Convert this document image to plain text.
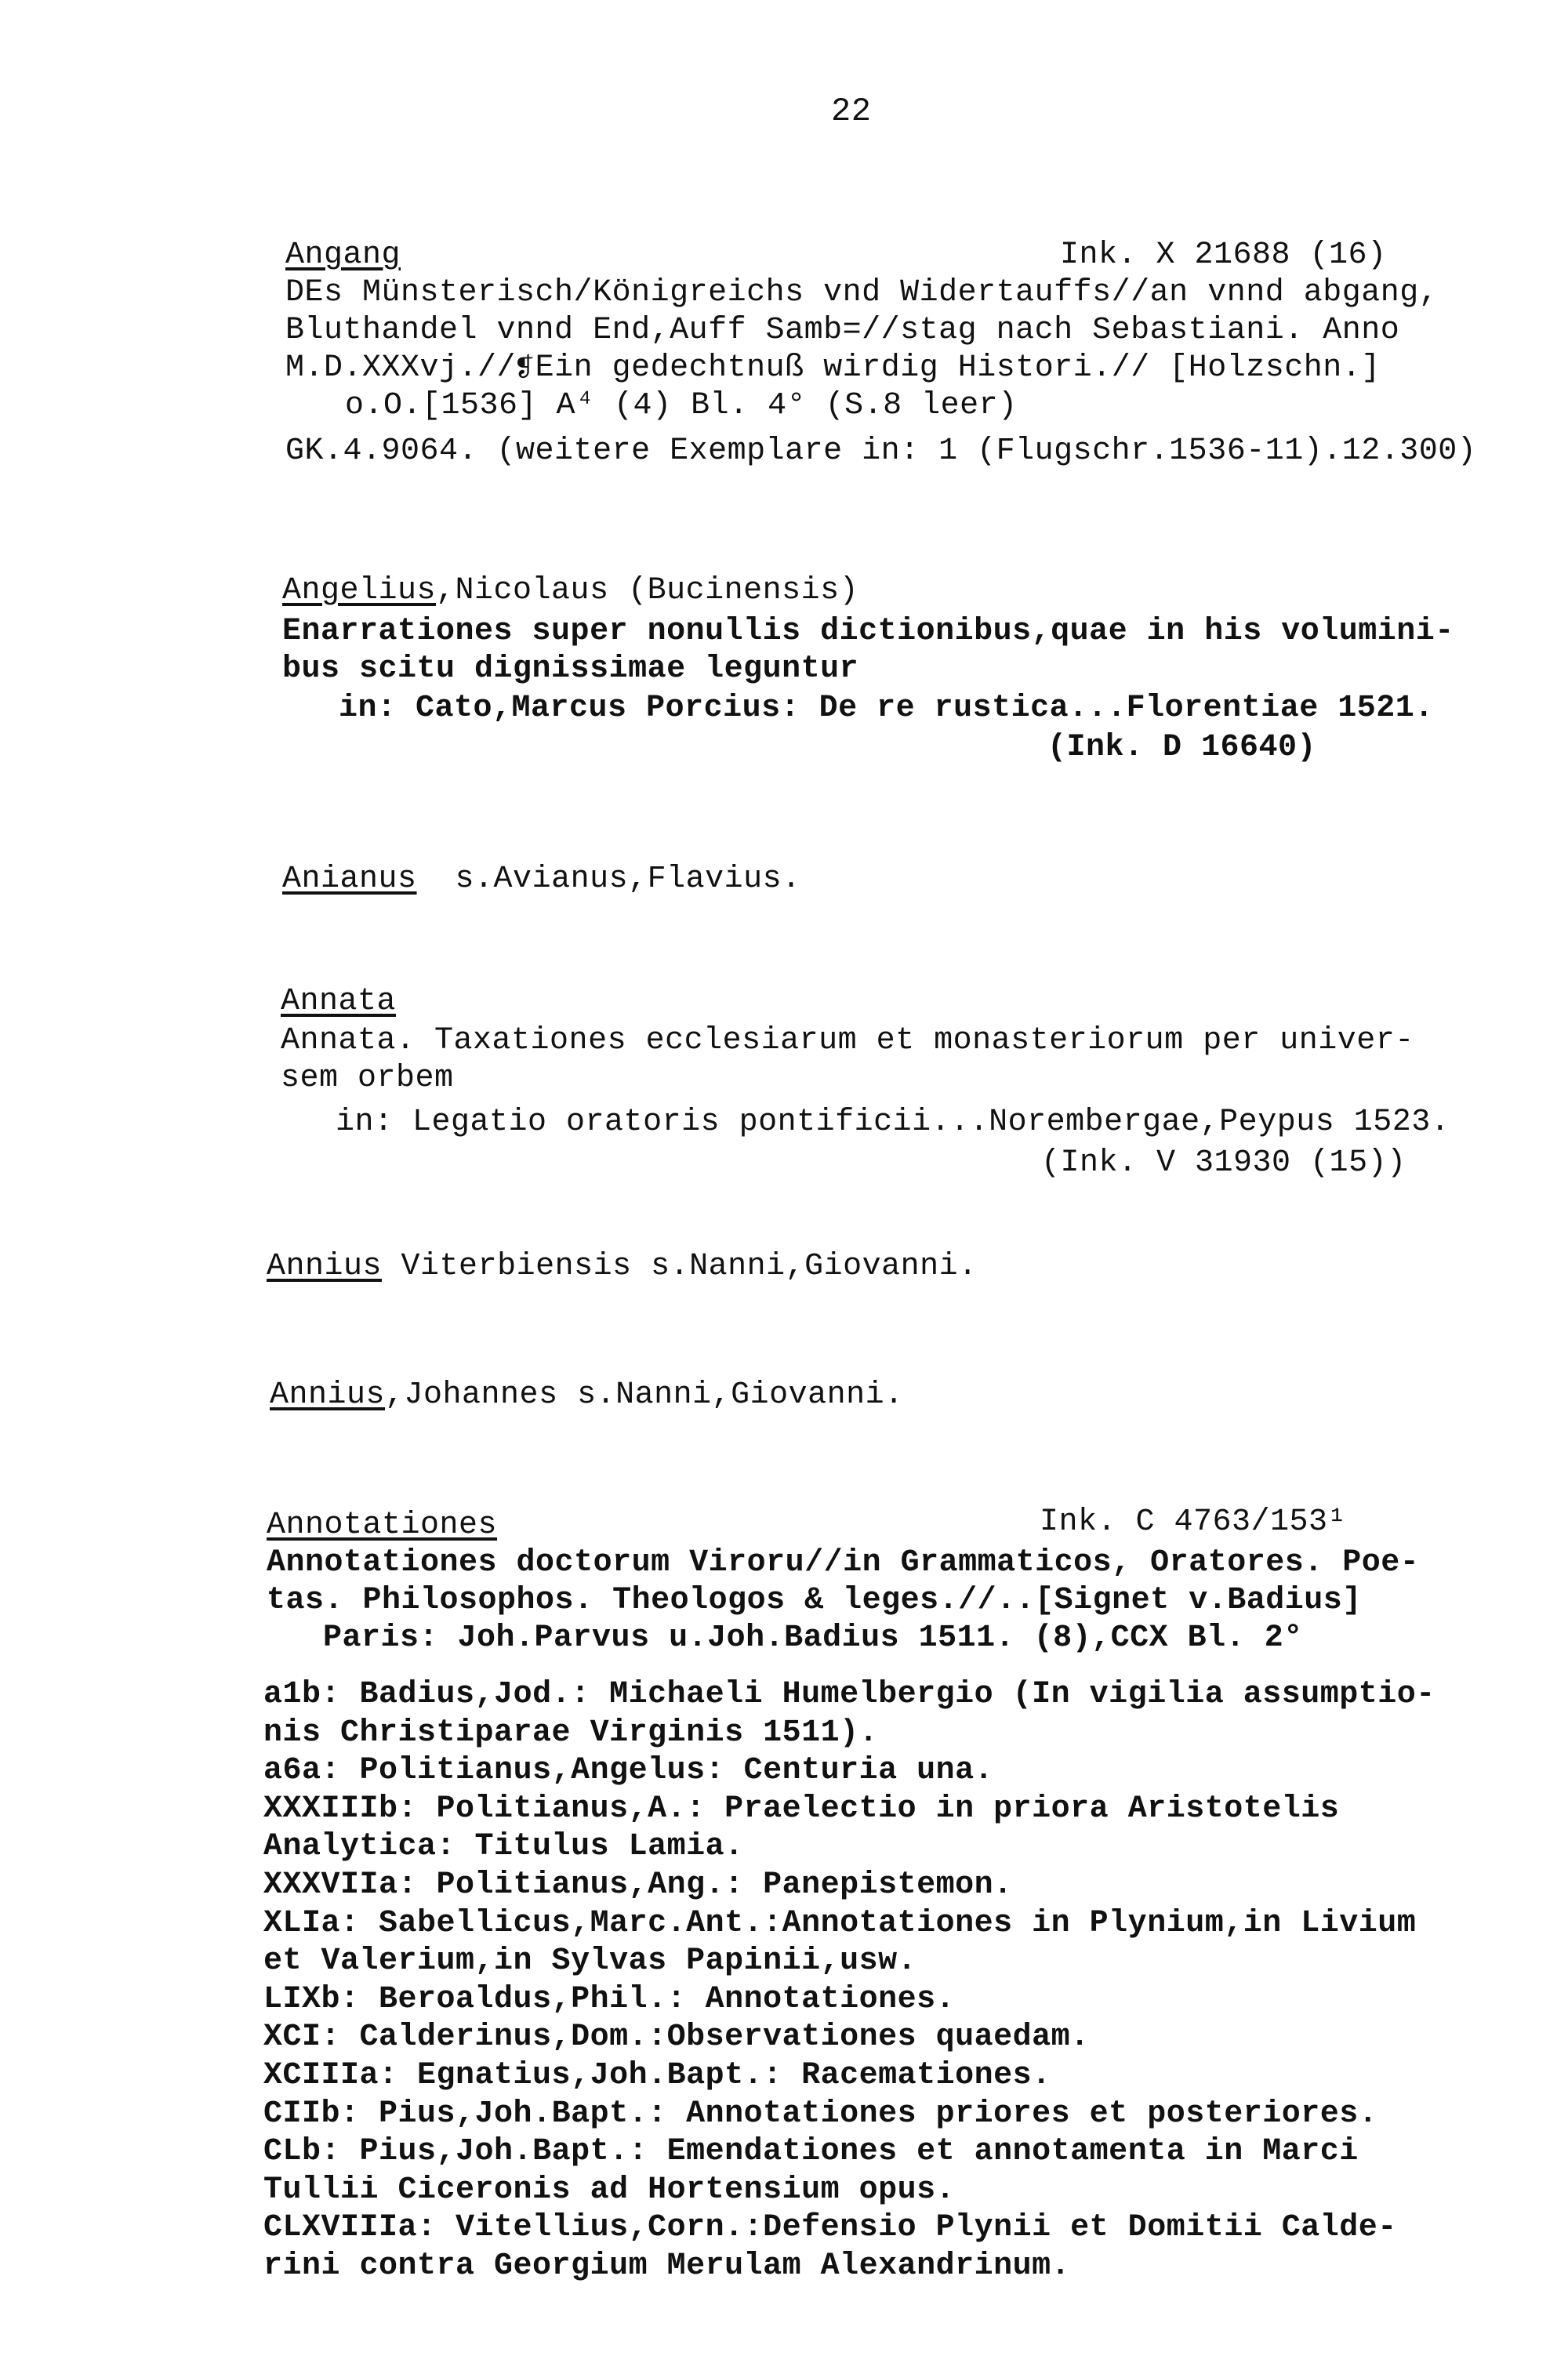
22
Angang	Ink. X 21688 (16)
DEs Münsterisch/Königreichs vnd Widertauffs//an vnnd abgang,
Bluthandel vnnd End,Auff Samb=//stag nach Sebastiani. Anno
M.D.XXXvj.//❡Ein gedechtnuß wirdig Histori.// [Holzschn.]
o.O.[1536] A⁴ (4) Bl. 4° (S.8 leer)
GK.4.9064. (weitere Exemplare in: 1 (Flugschr.1536-11).12.300)
Angelius,Nicolaus (Bucinensis)
Enarrationes super nonullis dictionibus,quae in his volumini-
bus scitu dignissimae leguntur
in: Cato,Marcus Porcius: De re rustica...Florentiae 1521.
(Ink. D 16640)
Anianus s.Avianus,Flavius.
Annata
Annata. Taxationes ecclesiarum et monasteriorum per univer-
sem orbem
in: Legatio oratoris pontificii...Norembergae,Peypus 1523.
(Ink. V 31930 (15))
Annius Viterbiensis s.Nanni,Giovanni.
Annius,Johannes s.Nanni,Giovanni.
Annotationes	Ink. C 4763/153¹
Annotationes doctorum Viroru//in Grammaticos, Oratores. Poe-
tas. Philosophos. Theologos & leges.//..[Signet v.Badius]
Paris: Joh.Parvus u.Joh.Badius 1511. (8),CCX Bl. 2°
a1b: Badius,Jod.: Michaeli Humelbergio (In vigilia assumptio-
nis Christiparae Virginis 1511).
a6a: Politianus,Angelus: Centuria una.
XXXIIIb: Politianus,A.: Praelectio in priora Aristotelis
Analytica: Titulus Lamia.
XXXVIIa: Politianus,Ang.: Panepistemon.
XLIa: Sabellicus,Marc.Ant.:Annotationes in Plynium,in Livium
et Valerium,in Sylvas Papinii,usw.
LIXb: Beroaldus,Phil.: Annotationes.
XCI: Calderinus,Dom.:Observationes quaedam.
XCIIIa: Egnatius,Joh.Bapt.: Racemationes.
CIIb: Pius,Joh.Bapt.: Annotationes priores et posteriores.
CLb: Pius,Joh.Bapt.: Emendationes et annotamenta in Marci
Tullii Ciceronis ad Hortensium opus.
CLXVIIIa: Vitellius,Corn.:Defensio Plynii et Domitii Calde-
rini contra Georgium Merulam Alexandrinum.
